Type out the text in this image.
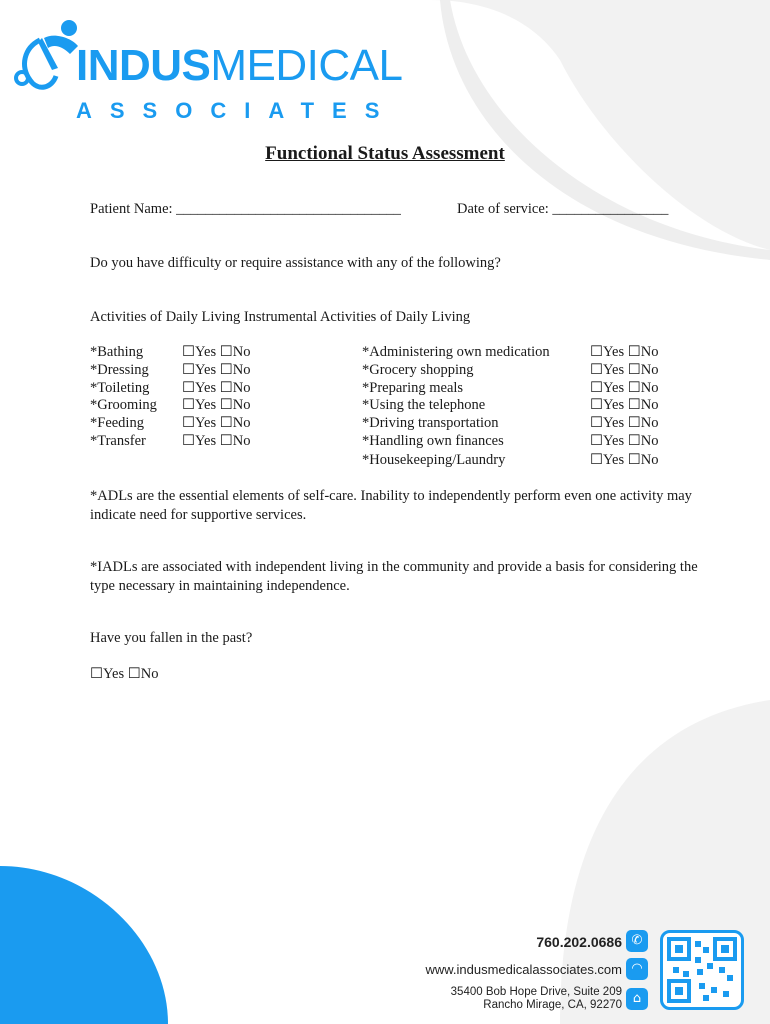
INDUSMEDICAL
ASSOCIATES
Functional Status Assessment
Patient Name: _______________________________	Date of service: ________________
Do you have difficulty or require assistance with any of the following?
Activities of Daily Living Instrumental Activities of Daily Living
*Bathing	☐Yes ☐No
*Dressing ☐Yes ☐No
*Toileting ☐Yes ☐No
*Grooming ☐Yes ☐No
*Feeding	☐Yes ☐No
*Transfer ☐Yes ☐No
*Administering own medication	☐Yes ☐No
*Grocery shopping	☐Yes ☐No
*Preparing meals	☐Yes ☐No
*Using the telephone	☐Yes ☐No
*Driving transportation	☐Yes ☐No
*Handling own finances	☐Yes ☐No
*Housekeeping/Laundry	☐Yes ☐No
*ADLs are the essential elements of self-care. Inability to independently perform even one activity may indicate need for supportive services.
*IADLs are associated with independent living in the community and provide a basis for considering the type necessary in maintaining independence.
Have you fallen in the past?
☐Yes ☐No
760.202.0686 ✆
www.indusmedicalassociates.com ◠
35400 Bob Hope Drive, Suite 209
Rancho Mirage, CA, 92270 ⌂
